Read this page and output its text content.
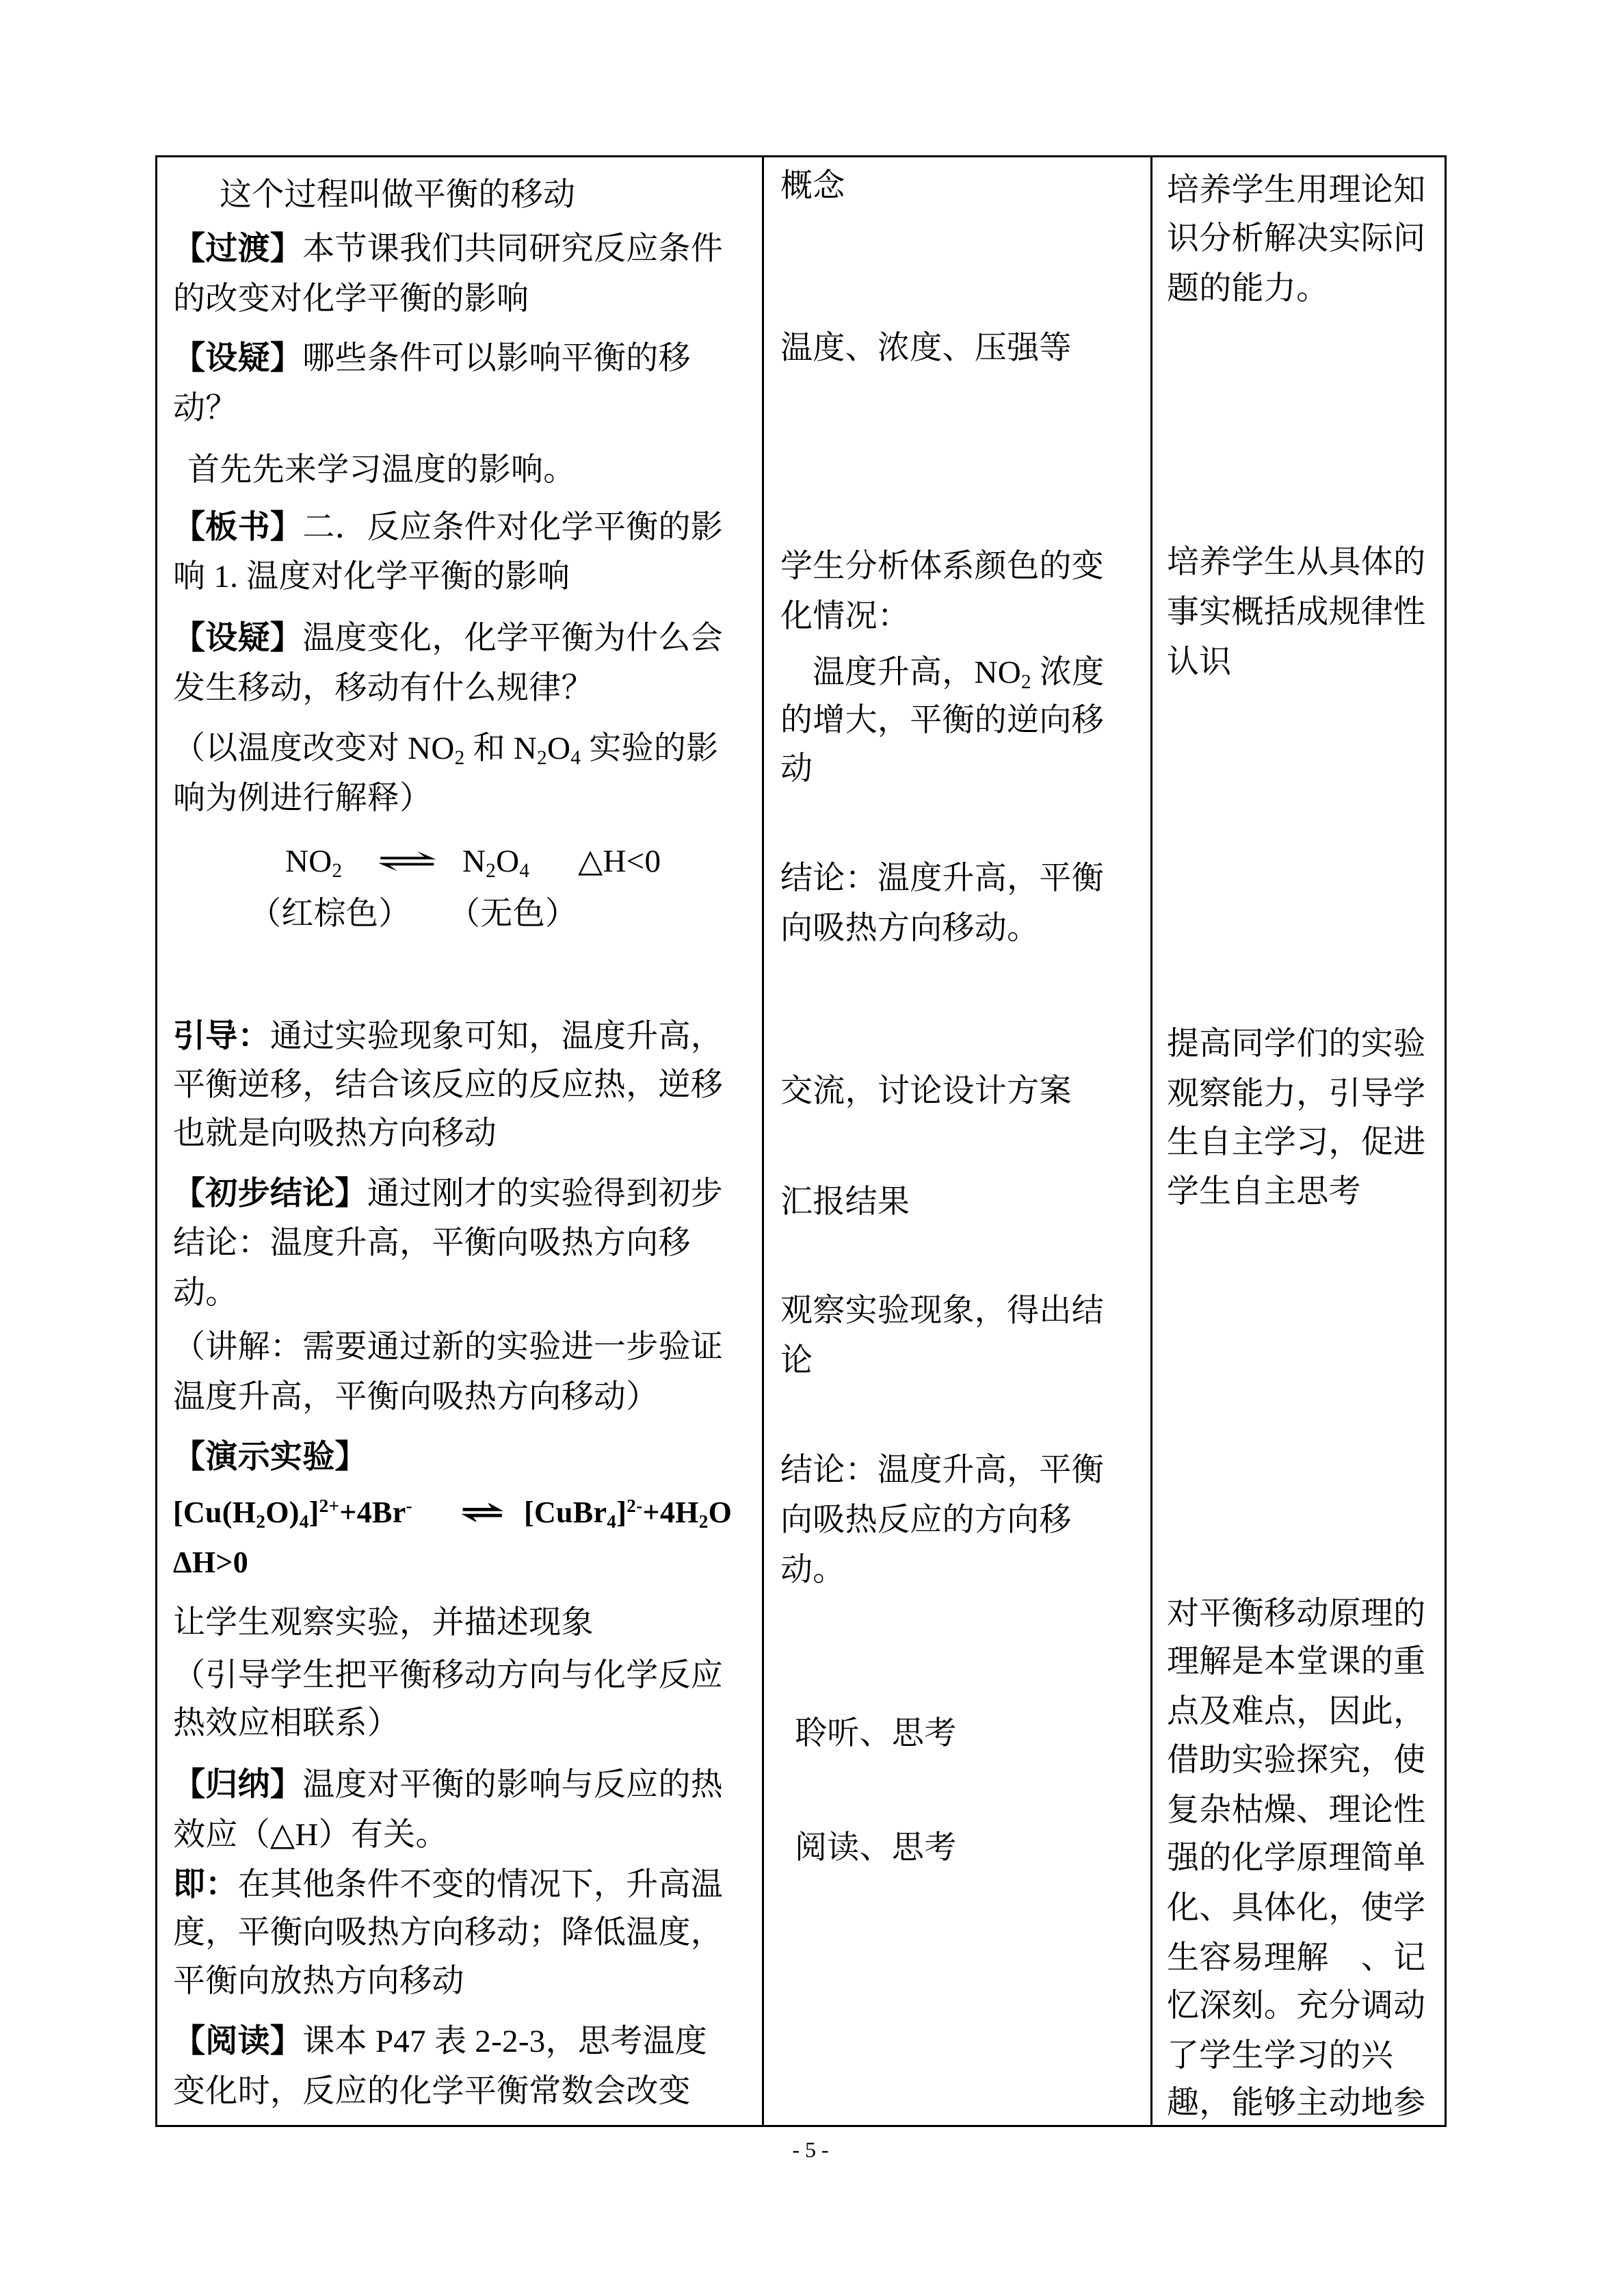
这个过程叫做平衡的移动
【过渡】本节课我们共同研究反应条件
的改变对化学平衡的影响
【设疑】哪些条件可以影响平衡的移
动？
首先先来学习温度的影响。
【板书】二．反应条件对化学平衡的影
响 1. 温度对化学平衡的影响
【设疑】温度变化，化学平衡为什么会
发生移动，移动有什么规律？
（以温度改变对 $NO_2$ 和 $N_2O_4$ 实验的影
响为例进行解释）
$NO_2$ ⇌ $N_2O_4$ △H<0
（红棕色） （无色）
引导：通过实验现象可知，温度升高，
平衡逆移，结合该反应的反应热，逆移
也就是向吸热方向移动
【初步结论】通过刚才的实验得到初步
结论：温度升高，平衡向吸热方向移
动。
（讲解：需要通过新的实验进一步验证
温度升高，平衡向吸热方向移动）
【演示实验】
$[Cu(H_2O)_4]^{2+}+4Br^-$ ⇌ $[CuBr_4]^{2-}+4H_2O$
ΔH>0
让学生观察实验，并描述现象
（引导学生把平衡移动方向与化学反应
热效应相联系）
【归纳】温度对平衡的影响与反应的热
效应（△H）有关。
即：在其他条件不变的情况下，升高温
度，平衡向吸热方向移动；降低温度，
平衡向放热方向移动
【阅读】课本 P47 表 2-2-3，思考温度
变化时，反应的化学平衡常数会改变
概念
温度、浓度、压强等
学生分析体系颜色的变
化情况：
温度升高，$NO_2$ 浓度
的增大，平衡的逆向移
动
结论：温度升高，平衡
向吸热方向移动。
交流，讨论设计方案
汇报结果
观察实验现象，得出结
论
结论：温度升高，平衡
向吸热反应的方向移
动。
聆听、思考
阅读、思考
培养学生用理论知
识分析解决实际问
题的能力。
培养学生从具体的
事实概括成规律性
认识
提高同学们的实验
观察能力，引导学
生自主学习，促进
学生自主思考
对平衡移动原理的
理解是本堂课的重
点及难点，因此，
借助实验探究，使
复杂枯燥、理论性
强的化学原理简单
化、具体化，使学
生容易理解　、记
忆深刻。充分调动
了学生学习的兴
趣，能够主动地参
- 5 -
